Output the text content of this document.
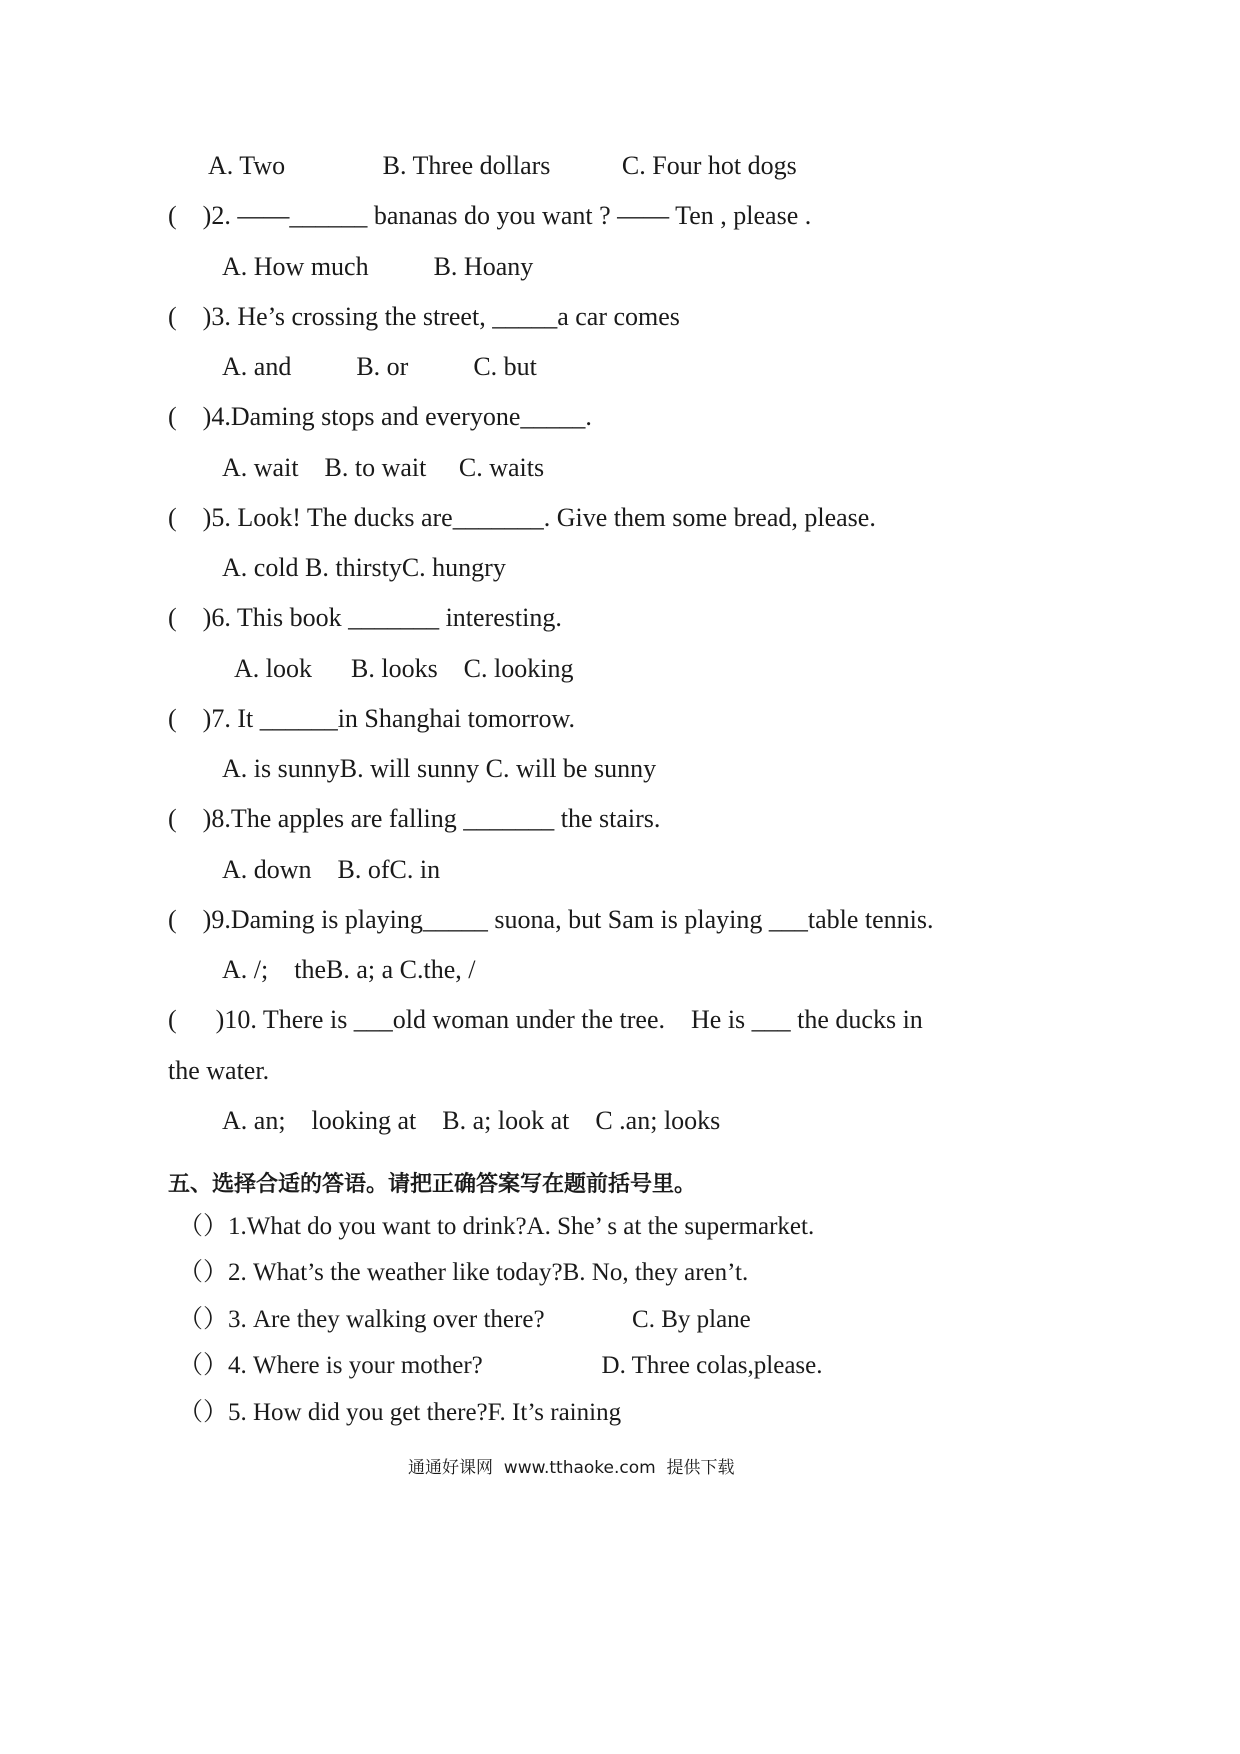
A. Two               B. Three dollars           C. Four hot dogs
(    )2. ——______ bananas do you want ? —— Ten , please .
A. How much          B. Hoany
(    )3. He’s crossing the street, _____a car comes
A. and          B. or          C. but
(    )4.Daming stops and everyone_____.
A. wait    B. to wait     C. waits
(    )5. Look! The ducks are_______. Give them some bread, please.
A. cold B. thirstyC. hungry
(    )6. This book _______ interesting.
A. look      B. looks    C. looking
(    )7. It ______in Shanghai tomorrow.
A. is sunnyB. will sunny C. will be sunny
(    )8.The apples are falling _______ the stairs.
A. down    B. ofC. in
(    )9.Daming is playing_____ suona, but Sam is playing ___table tennis.
A. /;    theB. a; a C.the, /
(      )10. There is ___old woman under the tree.    He is ___ the ducks in
the water.
A. an;    looking at    B. a; look at    C .an; looks
五、选择合适的答语。请把正确答案写在题前括号里。
（）1.What do you want to drink?A. She’ s at the supermarket.
（）2. What’s the weather like today?B. No, they aren’t.
（）3. Are they walking over there?              C. By plane
（）4. Where is your mother?                   D. Three colas,please.
（）5. How did you get there?F. It’s raining
通通好课网  www.tthaoke.com  提供下载
